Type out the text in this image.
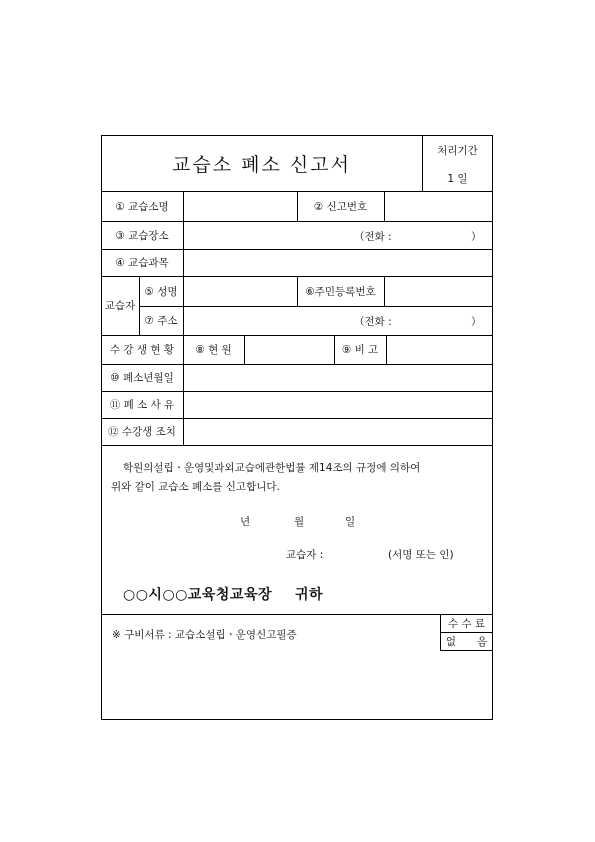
교습소 폐소 신고서
처리기간
1 일
① 교습소명	② 신고번호
③ 교습장소	（전화 :	）
④ 교습과목
교습자
⑤ 성명	⑥주민등록번호
⑦ 주소	（전화 :	）
수 강 생 현 황	⑧ 현 원	⑨ 비 고
⑩ 폐소년월일
⑪ 폐 소 사 유
⑫ 수강생 조치
학원의설립ㆍ운영및과외교습에관한법률 제14조의 규정에 의하여
위와 같이 교습소 폐소를 신고합니다.
년	월	일
교습자 :	(서명 또는 인)
○○시○○교육청교육장 귀하
※ 구비서류 : 교습소설립ㆍ운영신고필증
수 수 료
없　　음
